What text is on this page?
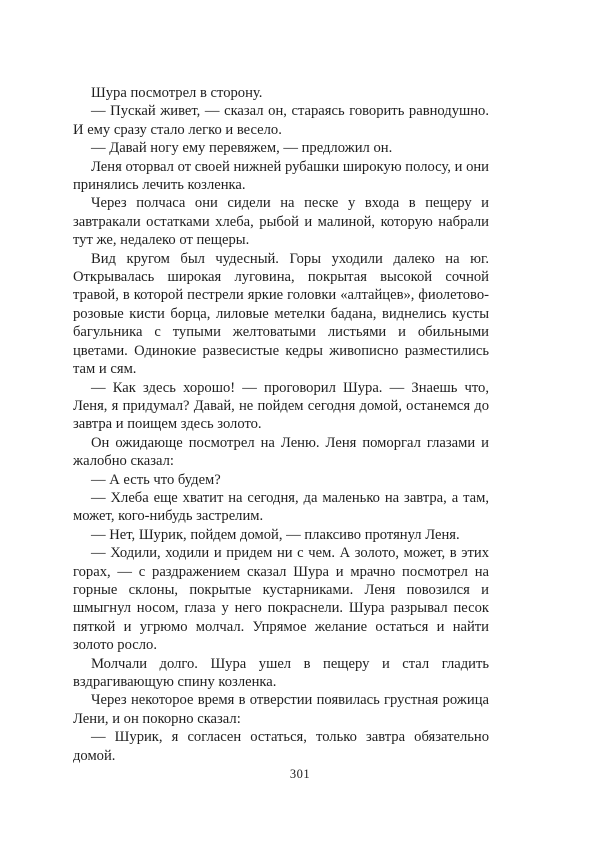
Шура посмотрел в сторону.

— Пускай живет, — сказал он, стараясь говорить равнодушно. И ему сразу стало легко и весело.

— Давай ногу ему перевяжем, — предложил он.

Леня оторвал от своей нижней рубашки широкую полосу, и они принялись лечить козленка.

Через полчаса они сидели на песке у входа в пещеру и завтракали остатками хлеба, рыбой и малиной, которую набрали тут же, недалеко от пещеры.

Вид кругом был чудесный. Горы уходили далеко на юг. Открывалась широкая луговина, покрытая высокой сочной травой, в которой пестрели яркие головки «алтайцев», фиолетово-розовые кисти борца, лиловые метелки бадана, виднелись кусты багульника с тупыми желтоватыми листьями и обильными цветами. Одинокие развесистые кедры живописно разместились там и сям.

— Как здесь хорошо! — проговорил Шура. — Знаешь что, Леня, я придумал? Давай, не пойдем сегодня домой, останемся до завтра и поищем здесь золото.

Он ожидающе посмотрел на Леню. Леня поморгал глазами и жалобно сказал:

— А есть что будем?

— Хлеба еще хватит на сегодня, да маленько на завтра, а там, может, кого-нибудь застрелим.

— Нет, Шурик, пойдем домой, — плаксиво протянул Леня.

— Ходили, ходили и придем ни с чем. А золото, может, в этих горах, — с раздражением сказал Шура и мрачно посмотрел на горные склоны, покрытые кустарниками. Леня повозился и шмыгнул носом, глаза у него покраснели. Шура разрывал песок пяткой и угрюмо молчал. Упрямое желание остаться и найти золото росло.

Молчали долго. Шура ушел в пещеру и стал гладить вздрагивающую спину козленка.

Через некоторое время в отверстии появилась грустная рожица Лени, и он покорно сказал:

— Шурик, я согласен остаться, только завтра обязательно домой.

301
